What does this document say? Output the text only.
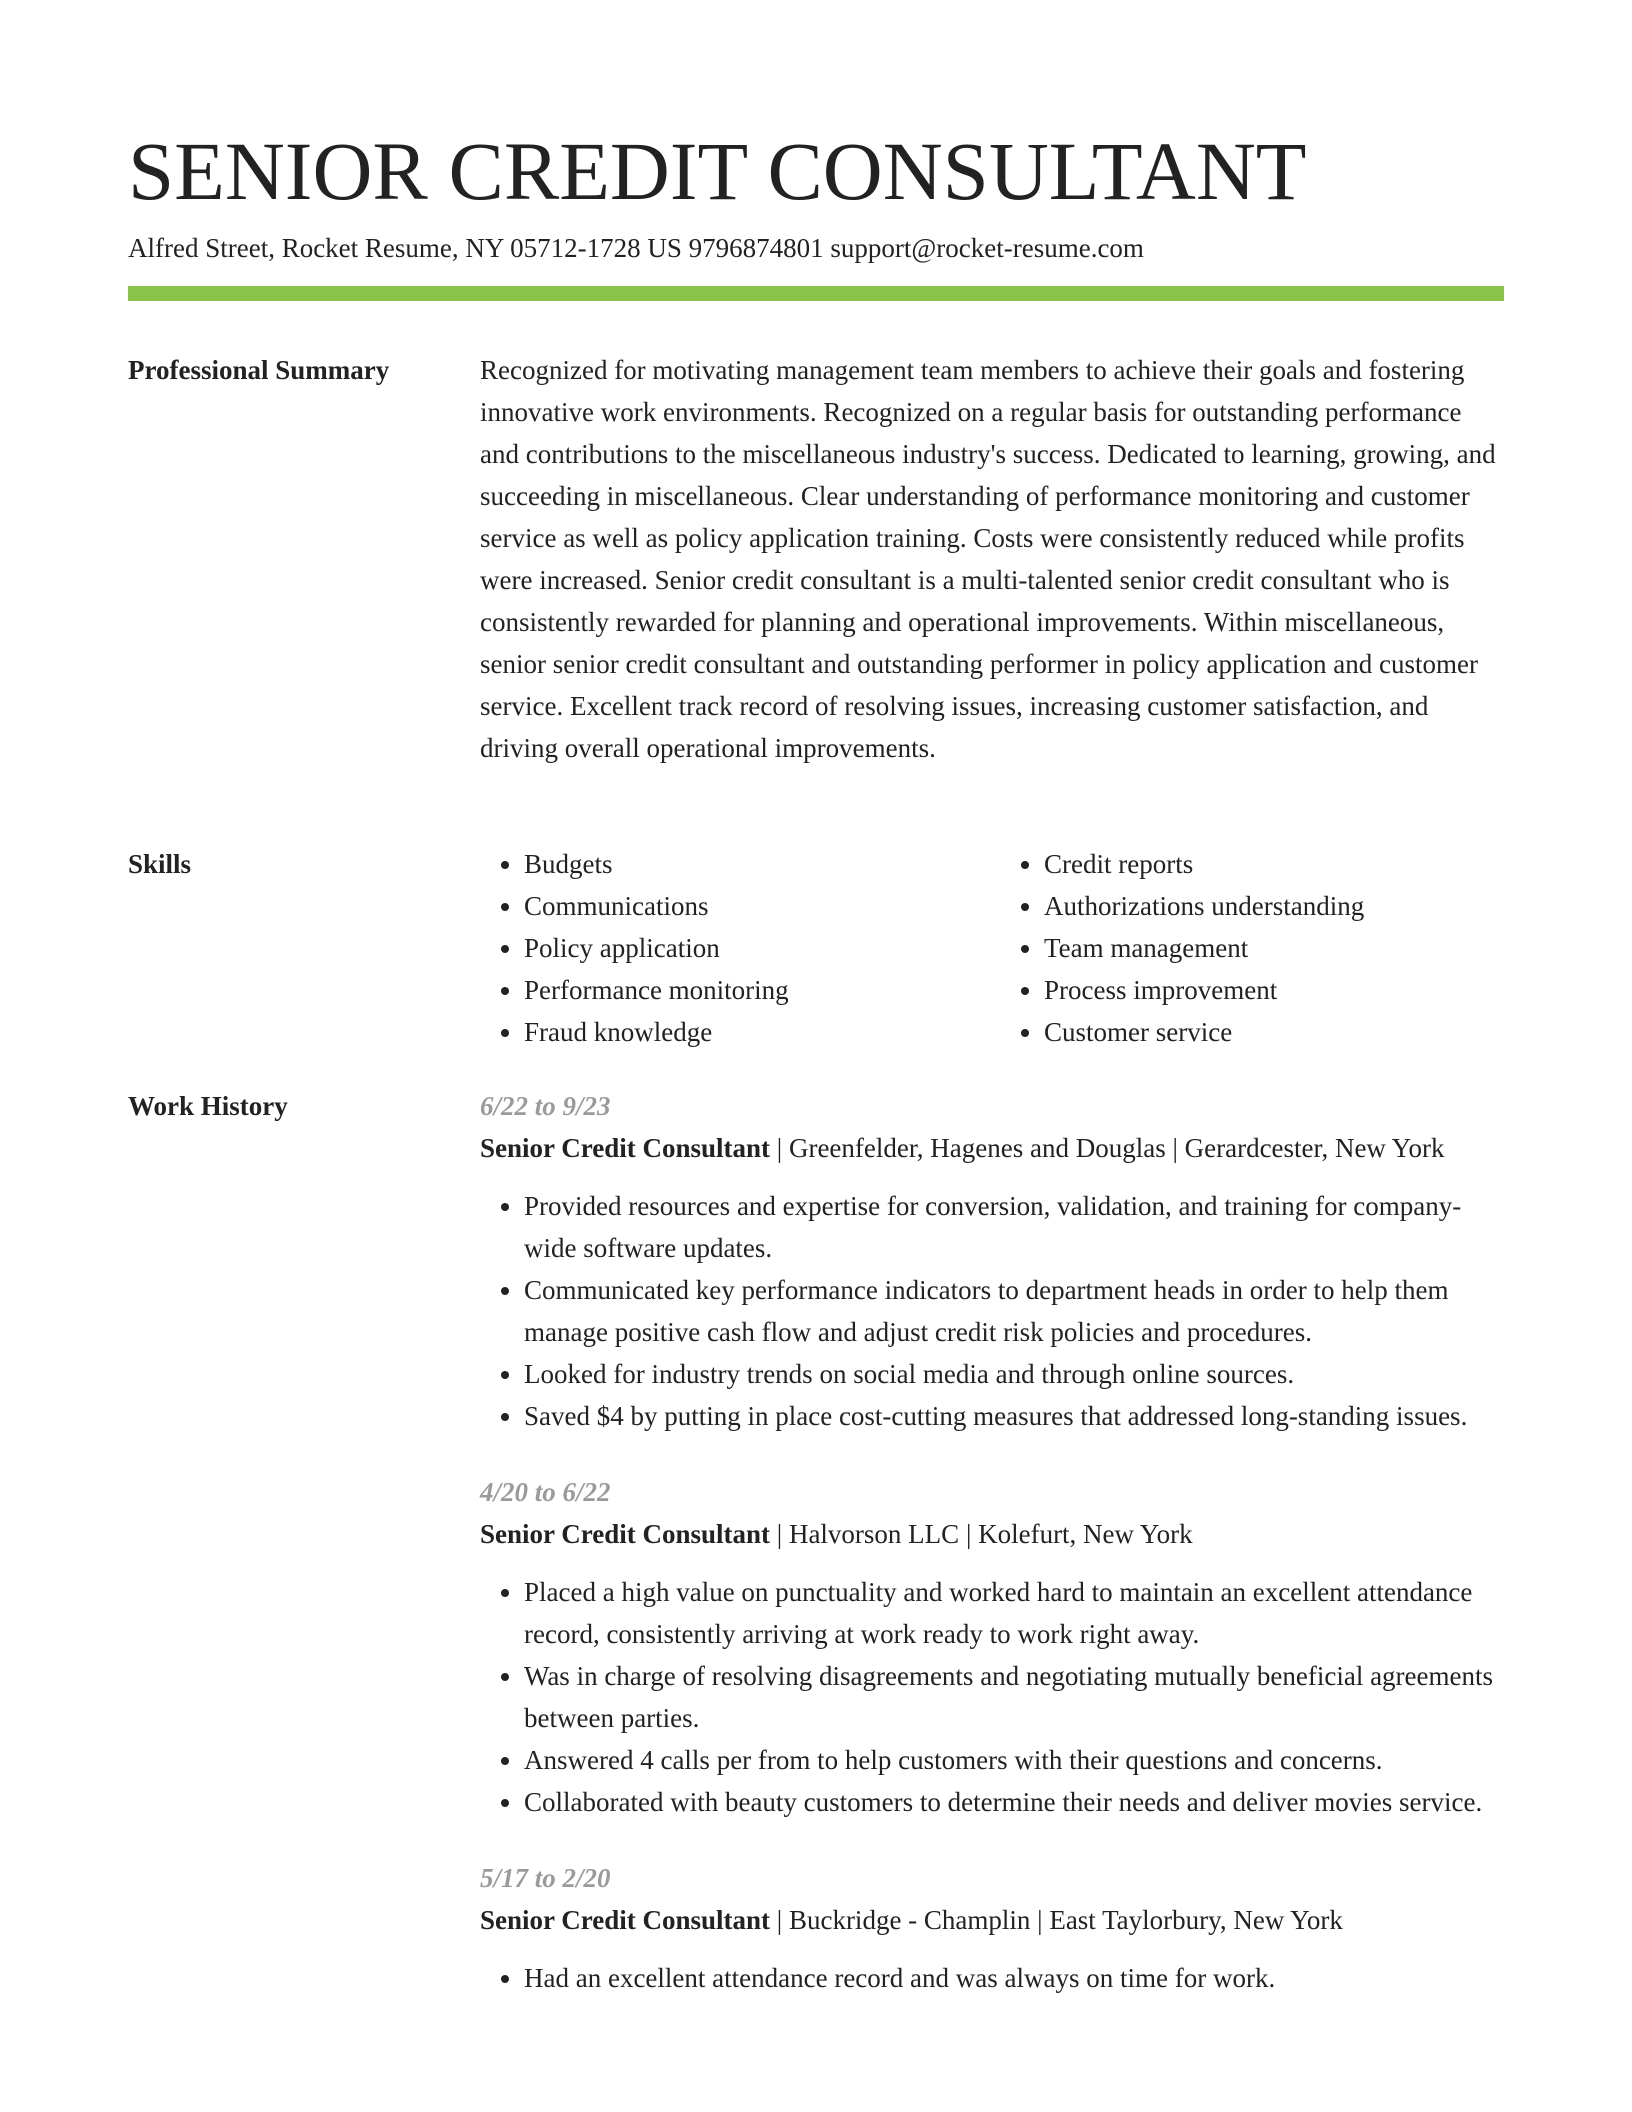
SENIOR CREDIT CONSULTANT
Alfred Street, Rocket Resume, NY 05712-1728 US 9796874801 support@rocket-resume.com
Professional Summary	Recognized for motivating management team members to achieve their goals and fostering innovative work environments. Recognized on a regular basis for outstanding performance and contributions to the miscellaneous industry's success. Dedicated to learning, growing, and succeeding in miscellaneous. Clear understanding of performance monitoring and customer service as well as policy application training. Costs were consistently reduced while profits were increased. Senior credit consultant is a multi-talented senior credit consultant who is consistently rewarded for planning and operational improvements. Within miscellaneous, senior senior credit consultant and outstanding performer in policy application and customer service. Excellent track record of resolving issues, increasing customer satisfaction, and driving overall operational improvements.

Skills
•	Budgets
• Communications
• Policy application
• Performance monitoring
• Fraud knowledge
• Credit reports
• Authorizations understanding
• Team management
• Process improvement
• Customer service
Work History	6/22 to 9/23
Senior Credit Consultant | Greenfelder, Hagenes and Douglas | Gerardcester, New York
• Provided resources and expertise for conversion, validation, and training for company-wide software updates.
• Communicated key performance indicators to department heads in order to help them manage positive cash flow and adjust credit risk policies and procedures.
• Looked for industry trends on social media and through online sources.
• Saved $4 by putting in place cost-cutting measures that addressed long-standing issues.
4/20 to 6/22
Senior Credit Consultant | Halvorson LLC | Kolefurt, New York
• Placed a high value on punctuality and worked hard to maintain an excellent attendance record, consistently arriving at work ready to work right away.
• Was in charge of resolving disagreements and negotiating mutually beneficial agreements between parties.
• Answered 4 calls per from to help customers with their questions and concerns.
• Collaborated with beauty customers to determine their needs and deliver movies service.
5/17 to 2/20
Senior Credit Consultant | Buckridge - Champlin | East Taylorbury, New York
• Had an excellent attendance record and was always on time for work.
